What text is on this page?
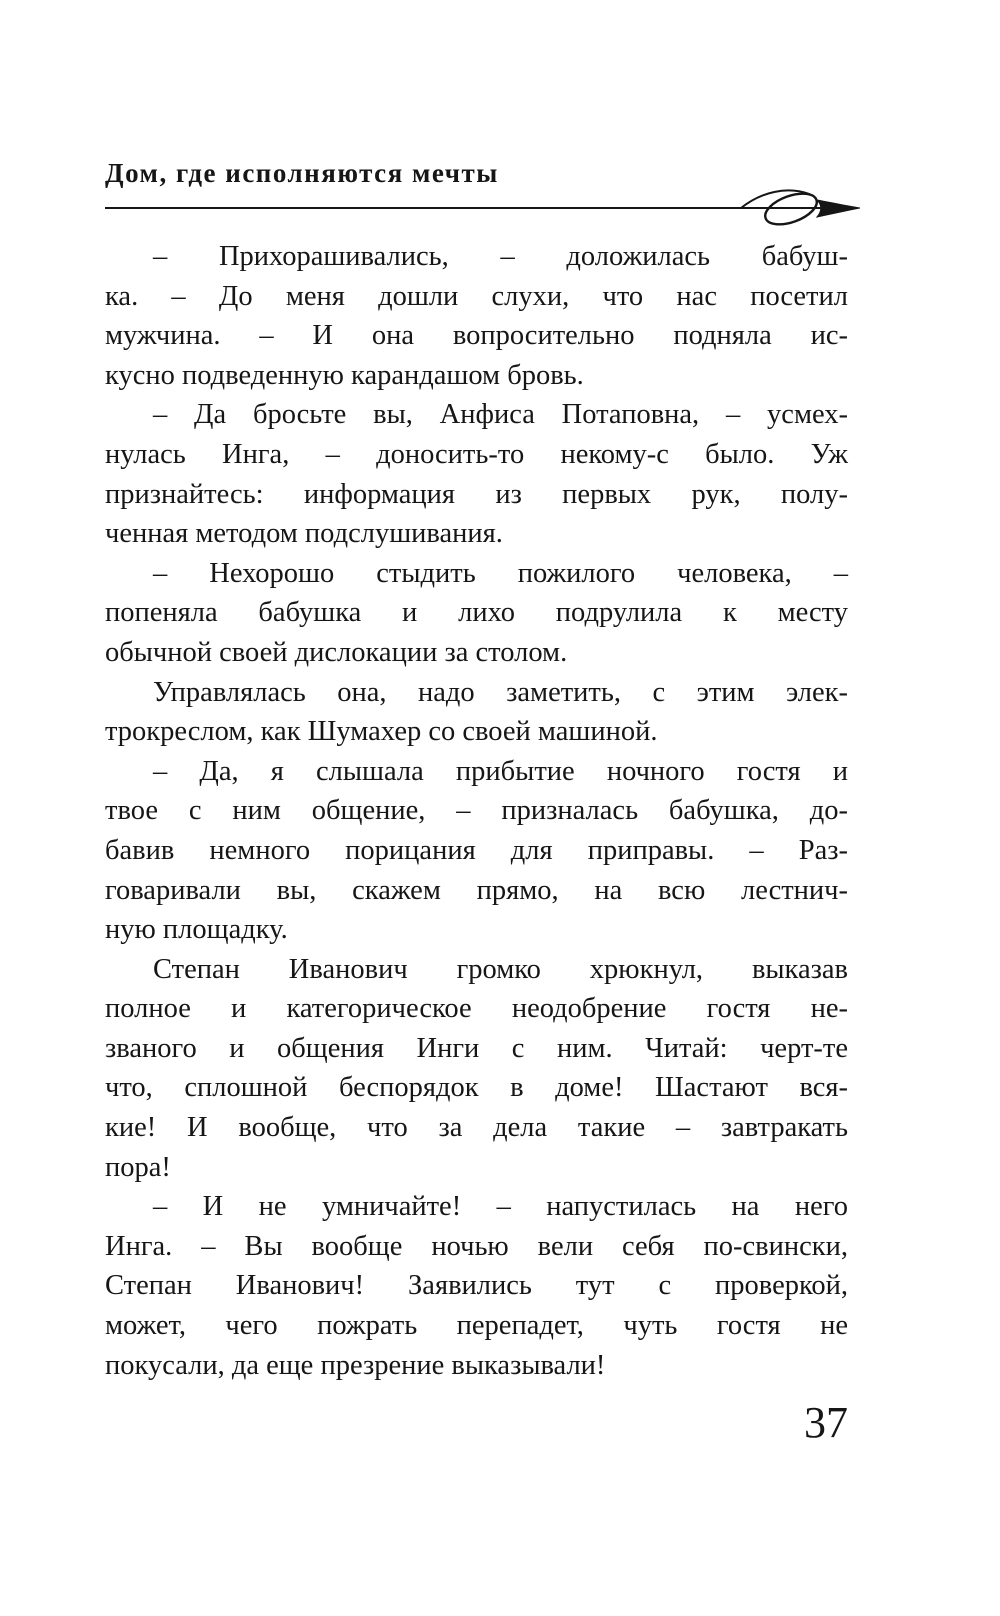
Дом, где исполняются мечты

– Прихорашивались, – доложилась бабуш-
ка. – До меня дошли слухи, что нас посетил
мужчина. – И она вопросительно подняла ис-
кусно подведенную карандашом бровь.

– Да бросьте вы, Анфиса Потаповна, – усмех-
нулась Инга, – доносить-то некому-с было. Уж
признайтесь: информация из первых рук, полу-
ченная методом подслушивания.

– Нехорошо стыдить пожилого человека, –
попеняла бабушка и лихо подрулила к месту
обычной своей дислокации за столом.

Управлялась она, надо заметить, с этим элек-
трокреслом, как Шумахер со своей машиной.

– Да, я слышала прибытие ночного гостя и
твое с ним общение, – призналась бабушка, до-
бавив немного порицания для приправы. – Раз-
говаривали вы, скажем прямо, на всю лестнич-
ную площадку.

Степан Иванович громко хрюкнул, выказав
полное и категорическое неодобрение гостя не-
званого и общения Инги с ним. Читай: черт-те
что, сплошной беспорядок в доме! Шастают вся-
кие! И вообще, что за дела такие – завтракать
пора!

– И не умничайте! – напустилась на него
Инга. – Вы вообще ночью вели себя по-свински,
Степан Иванович! Заявились тут с проверкой,
может, чего пожрать перепадет, чуть гостя не
покусали, да еще презрение выказывали!

37
